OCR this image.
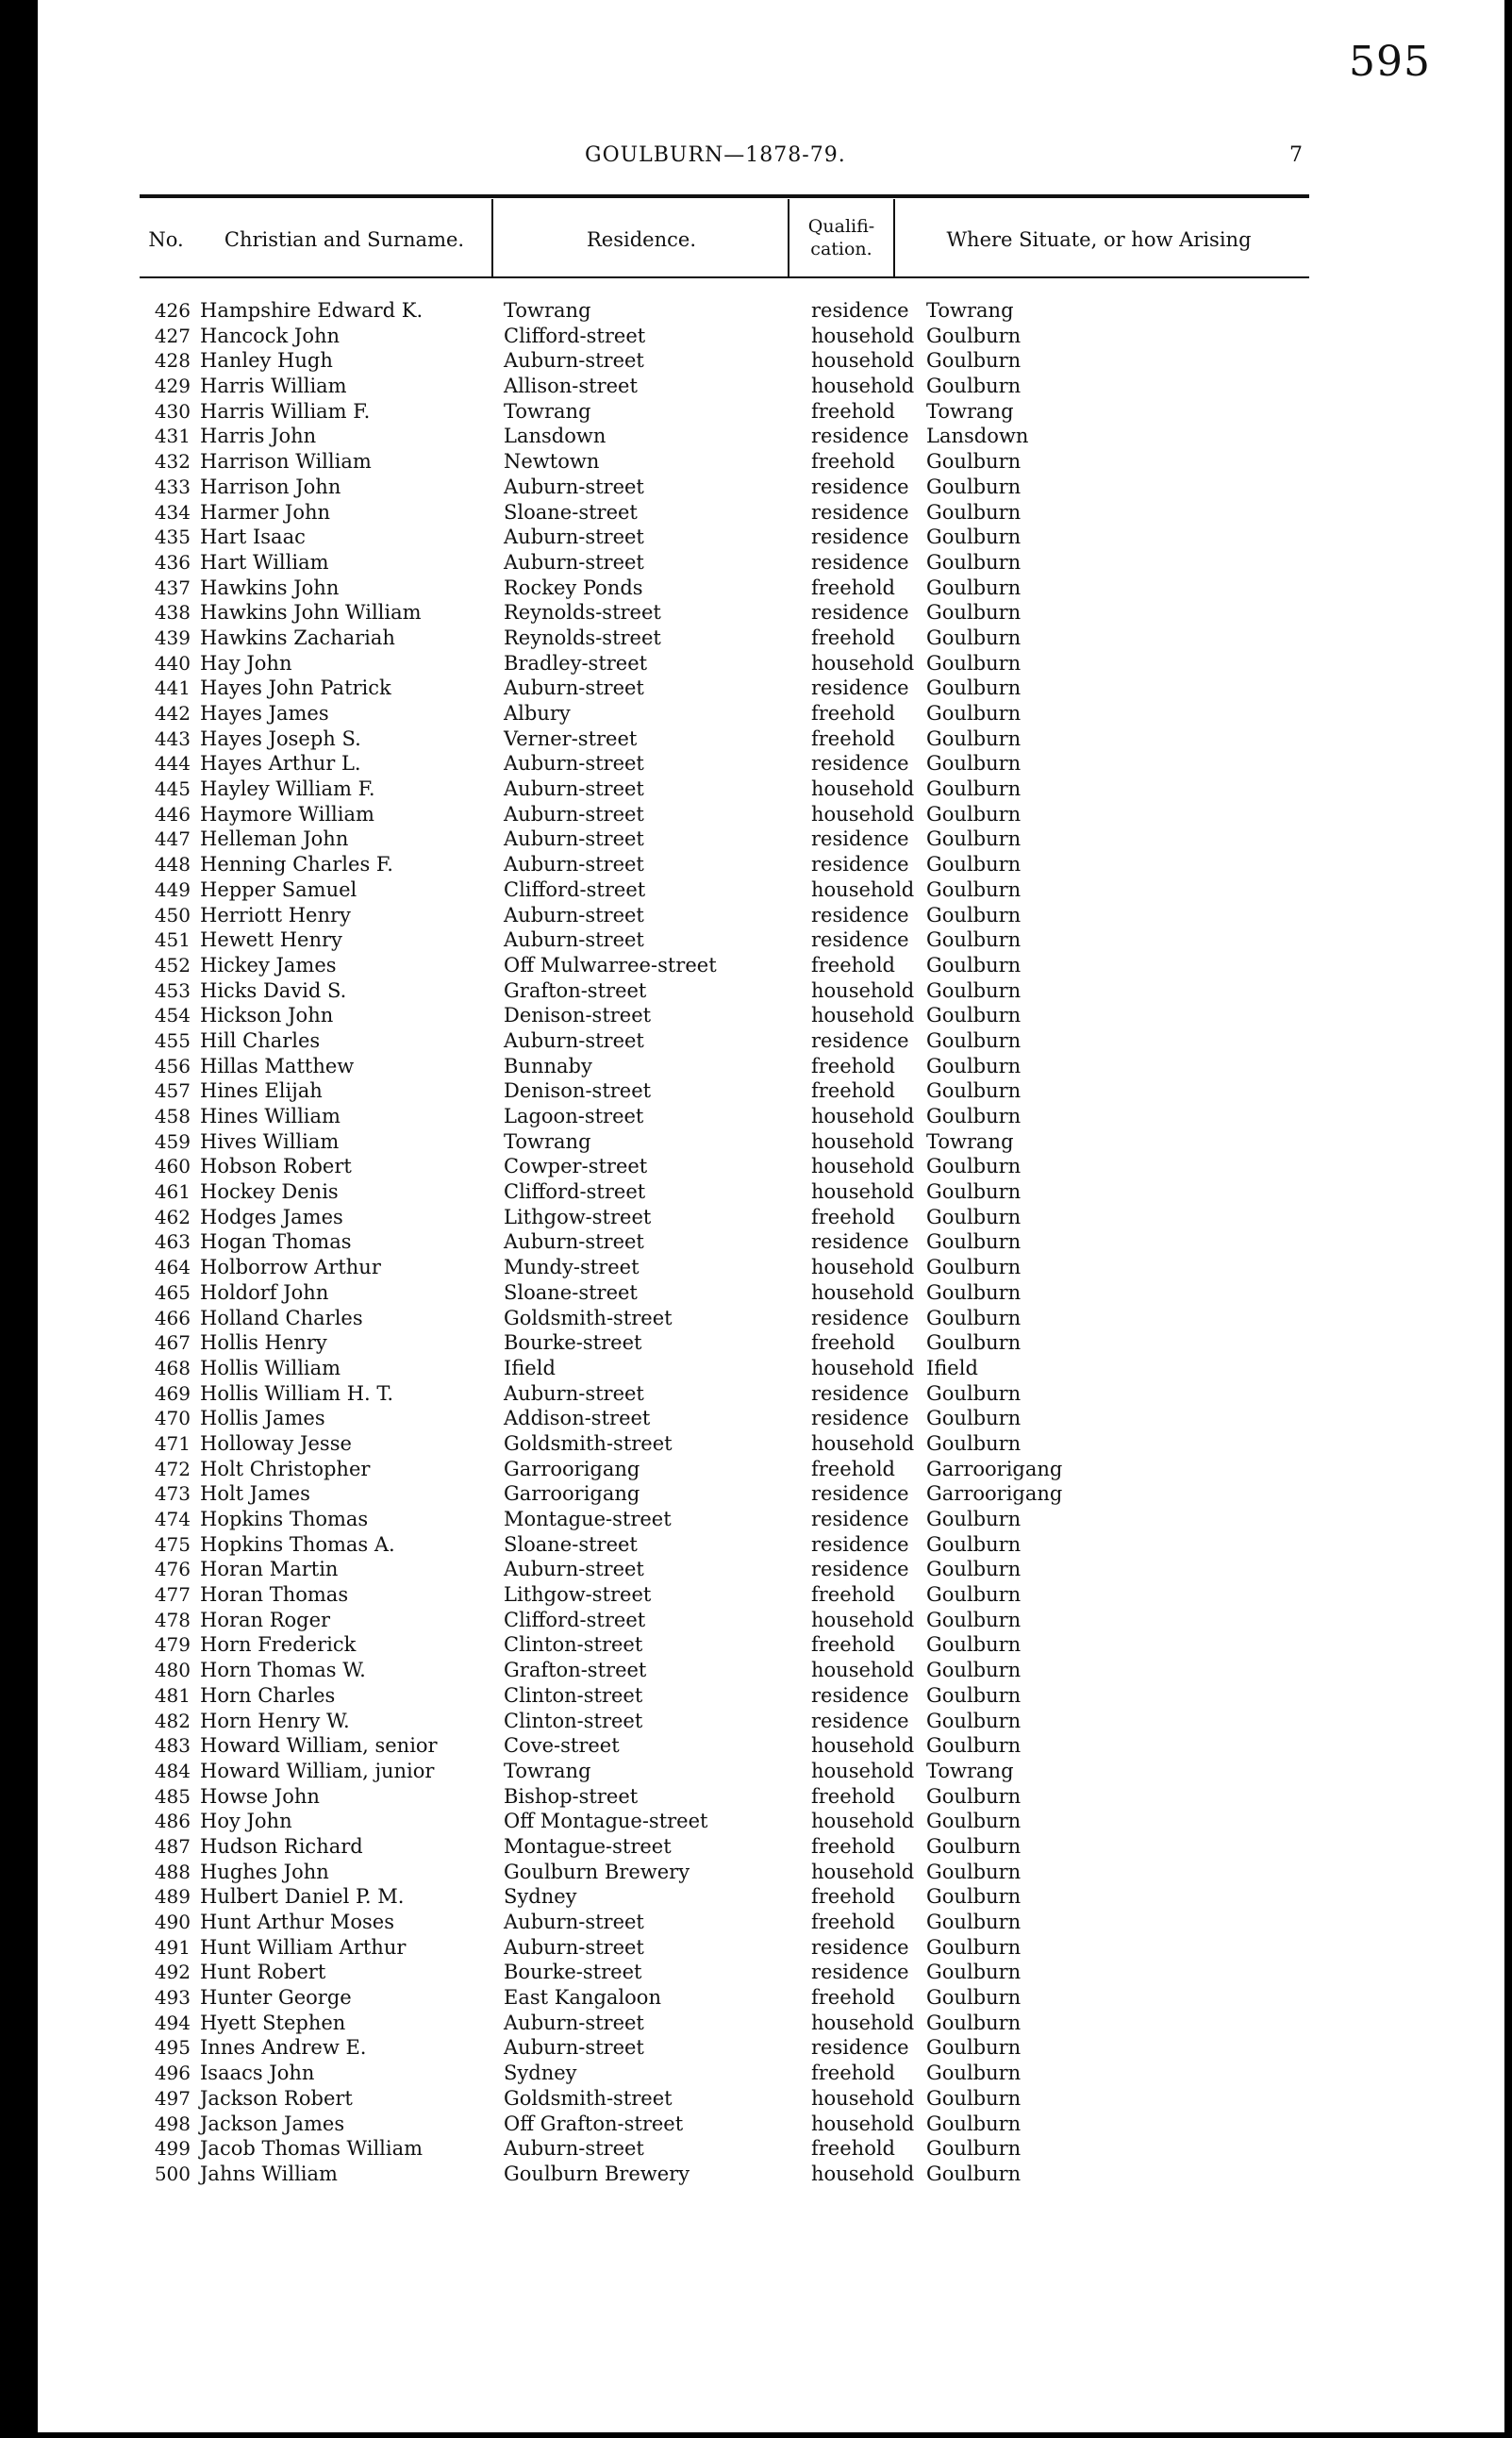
595
GOULBURN—1878-79.	7
No.	Christian and Surname.	Residence.
Qualifi- cation.	Where Situate, or how Arising
426 Hampshire Edward K.	Towrang	residence Towrang
427 Hancock John	Clifford-street	household Goulburn
428 Hanley Hugh	Auburn-street	household Goulburn
429 Harris William	Allison-street	household Goulburn
430 Harris William F.	Towrang	freehold Towrang
431 Harris John	Lansdown	residence Lansdown
432 Harrison William	Newtown	freehold Goulburn
433 Harrison John	Auburn-street	residence Goulburn
434 Harmer John	Sloane-street	residence Goulburn
435 Hart Isaac	Auburn-street	residence Goulburn
436 Hart William	Auburn-street	residence Goulburn
437 Hawkins John	Rockey Ponds	freehold Goulburn
438 Hawkins John William	Reynolds-street	residence Goulburn
439 Hawkins Zachariah	Reynolds-street	freehold Goulburn
440 Hay John	Bradley-street	household Goulburn
441 Hayes John Patrick	Auburn-street	residence Goulburn
442 Hayes James	Albury	freehold Goulburn
443 Hayes Joseph S.	Verner-street	freehold Goulburn
444 Hayes Arthur L.	Auburn-street	residence Goulburn
445 Hayley William F.	Auburn-street	household Goulburn
446 Haymore William	Auburn-street	household Goulburn
447 Helleman John	Auburn-street	residence Goulburn
448 Henning Charles F.	Auburn-street	residence Goulburn
449 Hepper Samuel	Clifford-street	household Goulburn
450 Herriott Henry	Auburn-street	residence Goulburn
451 Hewett Henry	Auburn-street	residence Goulburn
452 Hickey James	Off Mulwarree-street	freehold Goulburn
453 Hicks David S.	Grafton-street	household Goulburn
454 Hickson John	Denison-street	household Goulburn
455 Hill Charles	Auburn-street	residence Goulburn
456 Hillas Matthew	Bunnaby	freehold Goulburn
457 Hines Elijah	Denison-street	freehold Goulburn
458 Hines William	Lagoon-street	household Goulburn
459 Hives William	Towrang	household Towrang
460 Hobson Robert	Cowper-street	household Goulburn
461 Hockey Denis	Clifford-street	household Goulburn
462 Hodges James	Lithgow-street	freehold Goulburn
463 Hogan Thomas	Auburn-street	residence Goulburn
464 Holborrow Arthur	Mundy-street	household Goulburn
465 Holdorf John	Sloane-street	household Goulburn
466 Holland Charles	Goldsmith-street	residence Goulburn
467 Hollis Henry	Bourke-street	freehold Goulburn
468 Hollis William	Ifield	household Ifield
469 Hollis William H. T.	Auburn-street	residence Goulburn
470 Hollis James	Addison-street	residence Goulburn
471 Holloway Jesse	Goldsmith-street	household Goulburn
472 Holt Christopher	Garroorigang	freehold Garroorigang
473 Holt James	Garroorigang	residence Garroorigang
474 Hopkins Thomas	Montague-street	residence Goulburn
475 Hopkins Thomas A.	Sloane-street	residence Goulburn
476 Horan Martin	Auburn-street	residence Goulburn
477 Horan Thomas	Lithgow-street	freehold Goulburn
478 Horan Roger	Clifford-street	household Goulburn
479 Horn Frederick	Clinton-street	freehold Goulburn
480 Horn Thomas W.	Grafton-street	household Goulburn
481 Horn Charles	Clinton-street	residence Goulburn
482 Horn Henry W.	Clinton-street	residence Goulburn
483 Howard William, senior	Cove-street	household Goulburn
484 Howard William, junior	Towrang	household Towrang
485 Howse John	Bishop-street	freehold Goulburn
486 Hoy John	Off Montague-street	household Goulburn
487 Hudson Richard	Montague-street	freehold Goulburn
488 Hughes John	Goulburn Brewery	household Goulburn
489 Hulbert Daniel P. M.	Sydney	freehold Goulburn
490 Hunt Arthur Moses	Auburn-street	freehold Goulburn
491 Hunt William Arthur	Auburn-street	residence Goulburn
492 Hunt Robert	Bourke-street	residence Goulburn
493 Hunter George	East Kangaloon	freehold Goulburn
494 Hyett Stephen	Auburn-street	household Goulburn
495 Innes Andrew E.	Auburn-street	residence Goulburn
496 Isaacs John	Sydney	freehold Goulburn
497 Jackson Robert	Goldsmith-street	household Goulburn
498 Jackson James	Off Grafton-street	household Goulburn
499 Jacob Thomas William	Auburn-street	freehold Goulburn
500 Jahns William	Goulburn Brewery	household Goulburn
